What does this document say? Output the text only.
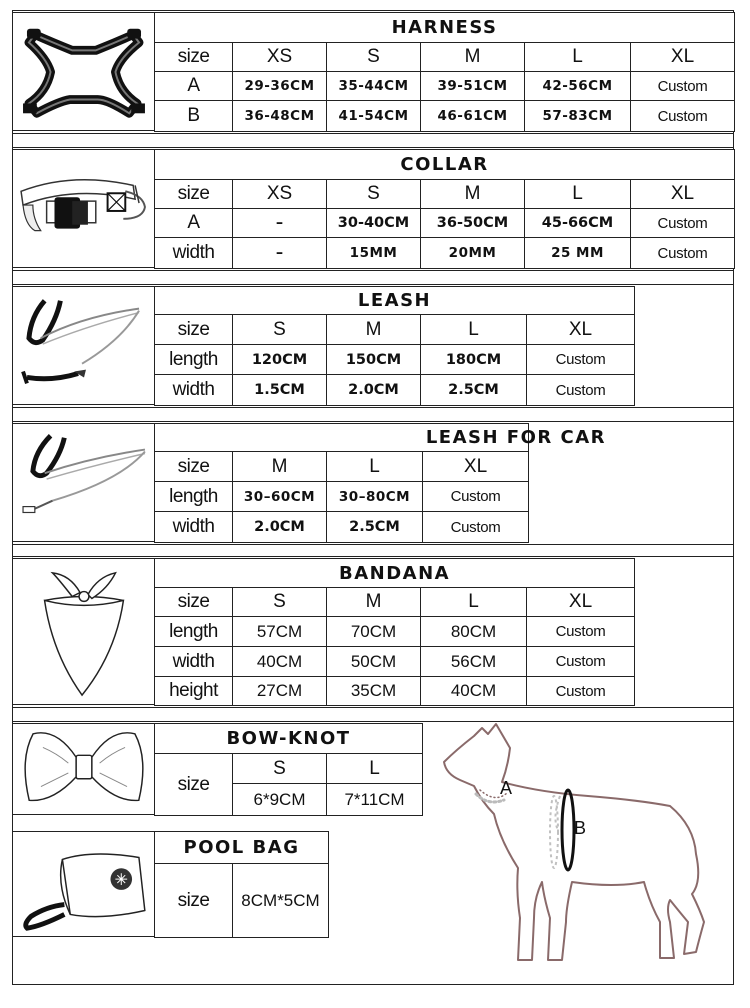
HARNESS					
size	XS	S	M	L	XL
A	29-36CM	35-44CM	39-51CM	42-56CM	Custom
B	36-48CM	41-54CM	46-61CM	57-83CM	Custom
COLLAR					
size	XS	S	M	L	XL
A	–	30-40CM	36-50CM	45-66CM	Custom
width	–	15MM	20MM	25 MM	Custom
LEASH				
size	S	M	L	XL
length	120CM	150CM	180CM	Custom
width	1.5CM	2.0CM	2.5CM	Custom
LEASH FOR CAR			
size	M	L	XL
length	30–60CM	30–80CM	Custom
width	2.0CM	2.5CM	Custom
BANDANA				
size	S	M	L	XL
length	57CM	70CM	80CM	Custom
width	40CM	50CM	56CM	Custom
height	27CM	35CM	40CM	Custom
BOW-KNOT		
size	S	L
	6*9CM	7*11CM
POOL BAG
size	8CM*5CM
A
B
